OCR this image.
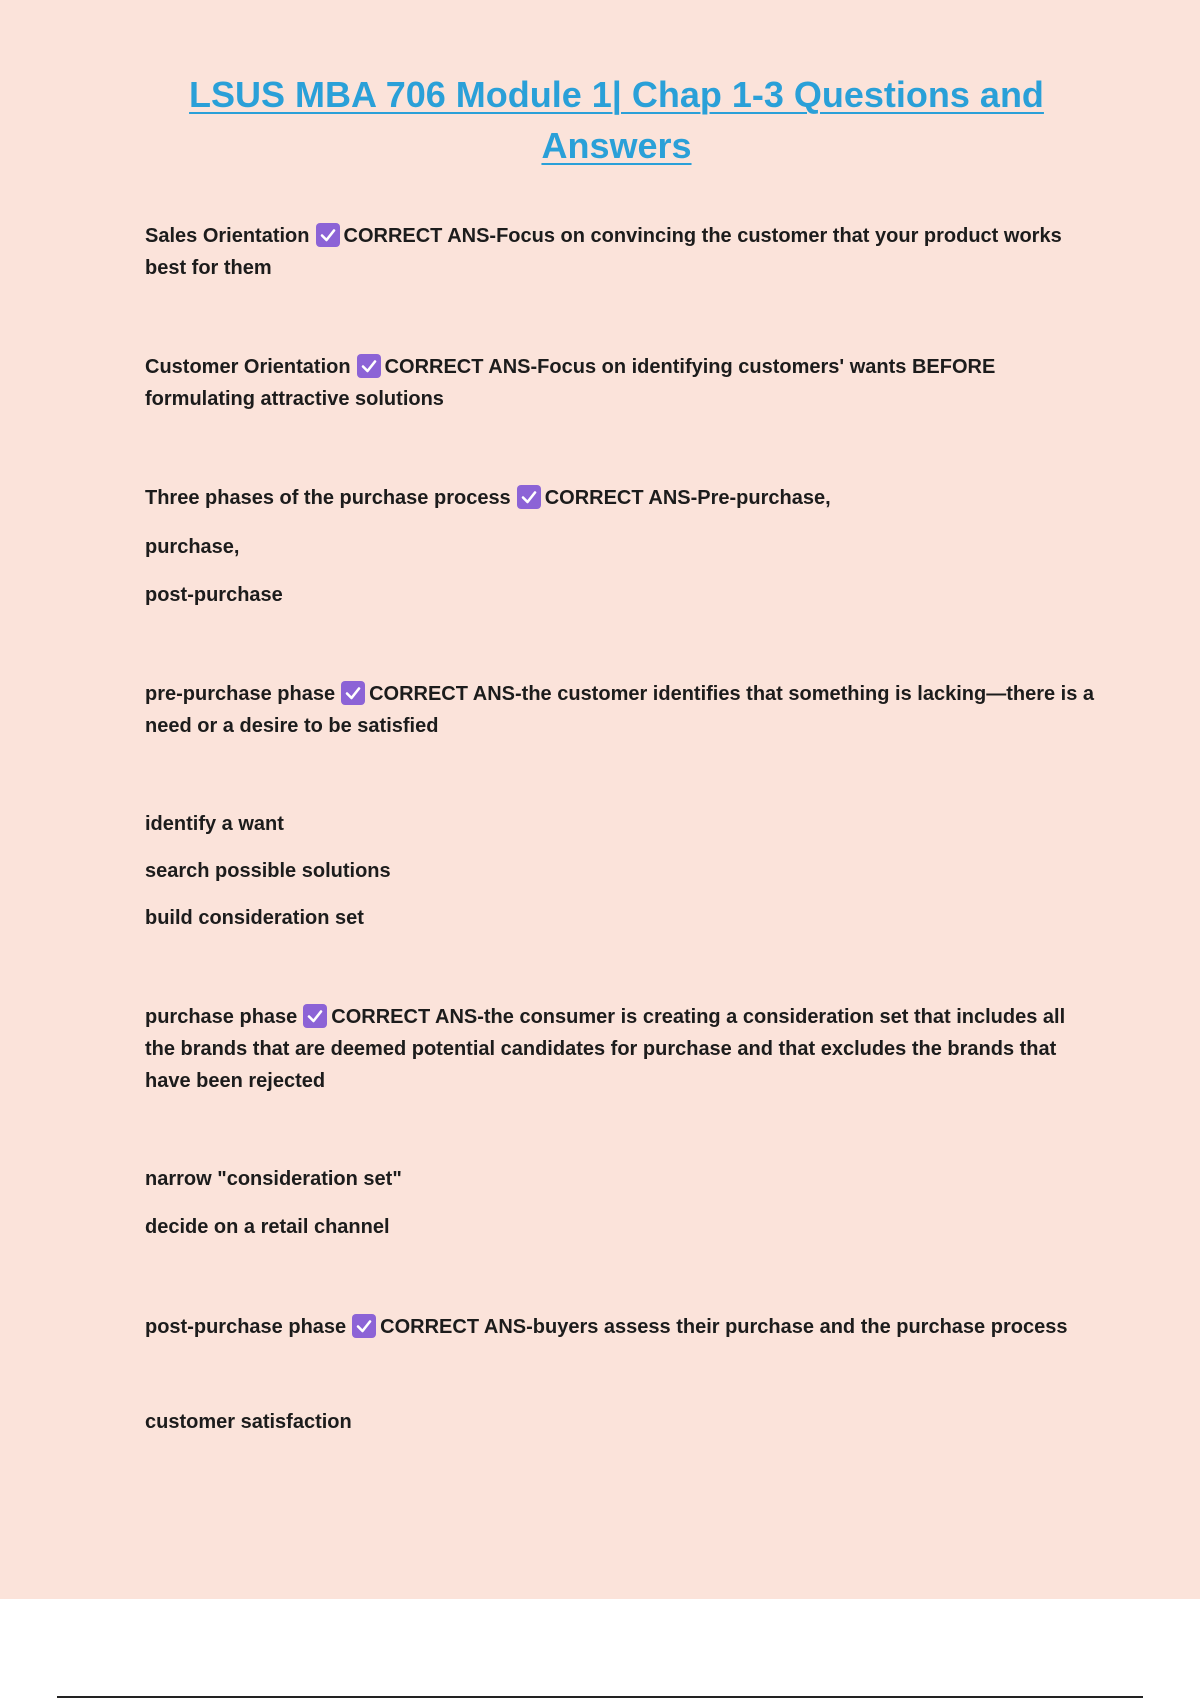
LSUS MBA 706 Module 1| Chap 1-3 Questions and
Answers
Sales Orientation CORRECT ANS-Focus on convincing the customer that your product works best for them
Customer Orientation CORRECT ANS-Focus on identifying customers' wants BEFORE formulating attractive solutions
Three phases of the purchase process CORRECT ANS-Pre-purchase,
purchase,
post-purchase
pre-purchase phase CORRECT ANS-the customer identifies that something is lacking—there is a need or a desire to be satisfied
identify a want
search possible solutions
build consideration set
purchase phase CORRECT ANS-the consumer is creating a consideration set that includes all the brands that are deemed potential candidates for purchase and that excludes the brands that have been rejected
narrow "consideration set"
decide on a retail channel
post-purchase phase CORRECT ANS-buyers assess their purchase and the purchase process
customer satisfaction
